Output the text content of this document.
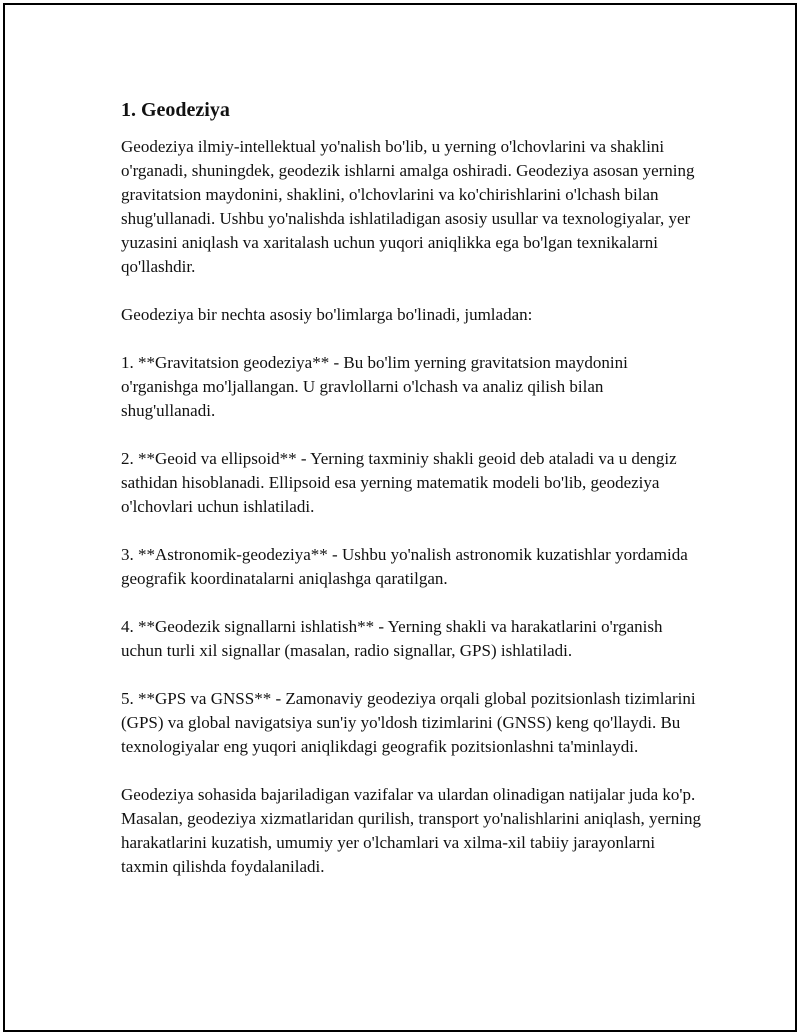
1. Geodeziya

Geodeziya ilmiy-intellektual yo'nalish bo'lib, u yerning o'lchovlarini va shaklini o'rganadi, shuningdek, geodezik ishlarni amalga oshiradi. Geodeziya asosan yerning gravitatsion maydonini, shaklini, o'lchovlarini va ko'chirishlarini o'lchash bilan shug'ullanadi. Ushbu yo'nalishda ishlatiladigan asosiy usullar va texnologiyalar, yer yuzasini aniqlash va xaritalash uchun yuqori aniqlikka ega bo'lgan texnikalarni qo'llashdir.

Geodeziya bir nechta asosiy bo'limlarga bo'linadi, jumladan:

1. **Gravitatsion geodeziya** - Bu bo'lim yerning gravitatsion maydonini o'rganishga mo'ljallangan. U gravlollarni o'lchash va analiz qilish bilan shug'ullanadi.

2. **Geoid va ellipsoid** - Yerning taxminiy shakli geoid deb ataladi va u dengiz sathidan hisoblanadi. Ellipsoid esa yerning matematik modeli bo'lib, geodeziya o'lchovlari uchun ishlatiladi.

3. **Astronomik-geodeziya** - Ushbu yo'nalish astronomik kuzatishlar yordamida geografik koordinatalarni aniqlashga qaratilgan.

4. **Geodezik signallarni ishlatish** - Yerning shakli va harakatlarini o'rganish uchun turli xil signallar (masalan, radio signallar, GPS) ishlatiladi.

5. **GPS va GNSS** - Zamonaviy geodeziya orqali global pozitsionlash tizimlarini (GPS) va global navigatsiya sun'iy yo'ldosh tizimlarini (GNSS) keng qo'llaydi. Bu texnologiyalar eng yuqori aniqlikdagi geografik pozitsionlashni ta'minlaydi.

Geodeziya sohasida bajariladigan vazifalar va ulardan olinadigan natijalar juda ko'p. Masalan, geodeziya xizmatlaridan qurilish, transport yo'nalishlarini aniqlash, yerning harakatlarini kuzatish, umumiy yer o'lchamlari va xilma-xil tabiiy jarayonlarni taxmin qilishda foydalaniladi.
